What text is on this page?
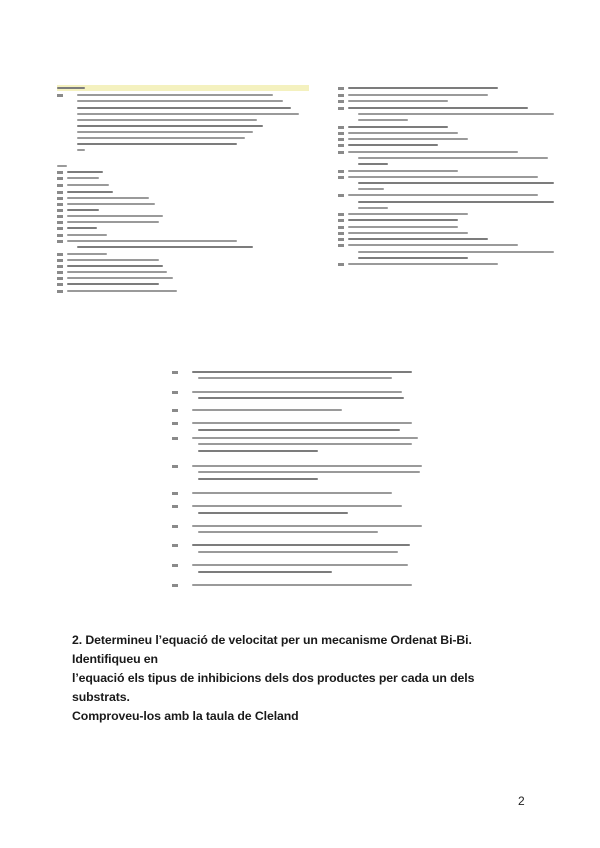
2. Determineu l’equació de velocitat per un mecanisme Ordenat Bi-Bi. Identifiqueu en
l’equació els tipus de inhibicions dels dos productes per cada un dels substrats.
Comproveu-los amb la taula de Cleland
2
